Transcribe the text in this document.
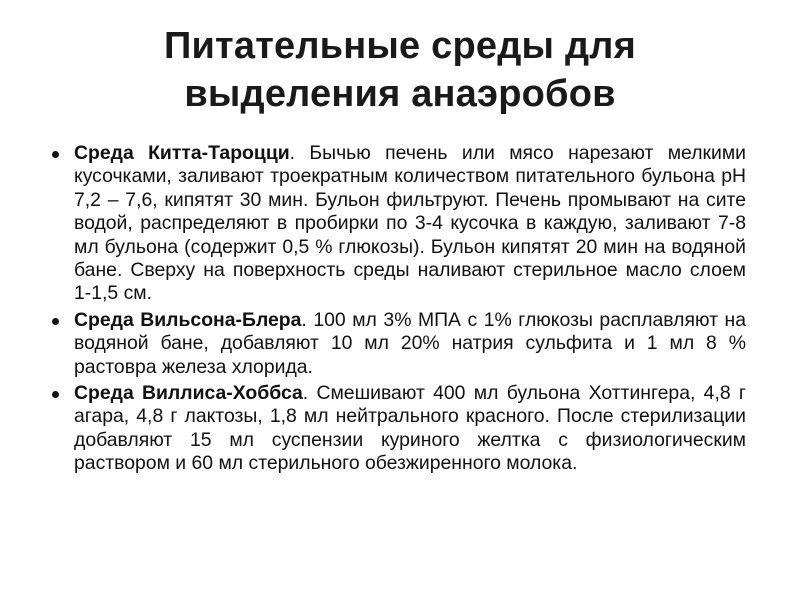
Питательные среды для
выделения анаэробов
Среда Китта-Тароцци. Бычью печень или мясо нарезают мелкими кусочками, заливают троекратным количеством питательного бульона рН 7,2 – 7,6, кипятят 30 мин. Бульон фильтруют. Печень промывают на сите водой, распределяют в пробирки по 3-4 кусочка в каждую, заливают 7-8 мл бульона (содержит 0,5 % глюкозы). Бульон кипятят 20 мин на водяной бане. Сверху на поверхность среды наливают стерильное масло слоем 1-1,5 см.
Среда Вильсона-Блера. 100 мл 3% МПА с 1% глюкозы расплавляют на водяной бане, добавляют 10 мл 20% натрия сульфита и 1 мл 8 % растовра железа хлорида.
Среда Виллиса-Хоббса. Смешивают 400 мл бульона Хоттингера, 4,8 г агара, 4,8 г лактозы, 1,8 мл нейтрального красного. После стерилизации добавляют 15 мл суспензии куриного желтка с физиологическим раствором и 60 мл стерильного обезжиренного молока.
